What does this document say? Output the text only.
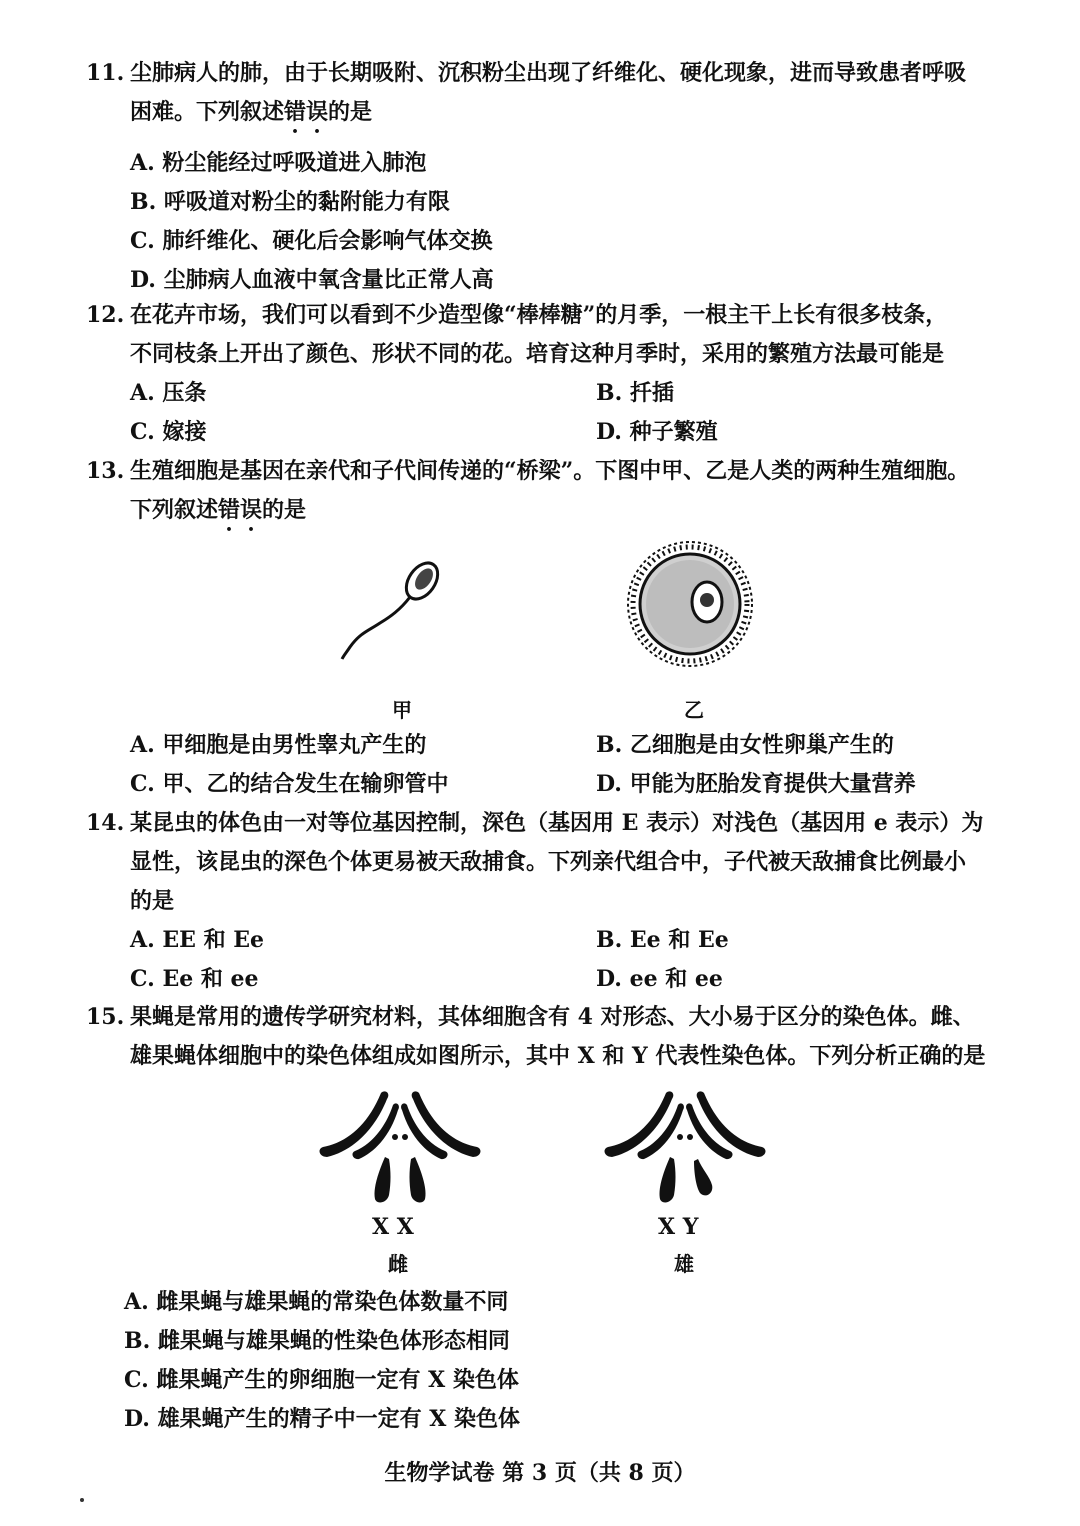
11. 尘肺病人的肺，由于长期吸附、沉积粉尘出现了纤维化、硬化现象，进而导致患者呼吸
困难。下列叙述错误的是
A. 粉尘能经过呼吸道进入肺泡
B. 呼吸道对粉尘的黏附能力有限
C. 肺纤维化、硬化后会影响气体交换
D. 尘肺病人血液中氧含量比正常人高
12. 在花卉市场，我们可以看到不少造型像“棒棒糖”的月季，一根主干上长有很多枝条，
不同枝条上开出了颜色、形状不同的花。培育这种月季时，采用的繁殖方法最可能是
A. 压条	B. 扦插
C. 嫁接	D. 种子繁殖
13. 生殖细胞是基因在亲代和子代间传递的“桥梁”。下图中甲、乙是人类的两种生殖细胞。
下列叙述错误的是
甲	乙
A. 甲细胞是由男性睾丸产生的	B. 乙细胞是由女性卵巢产生的
C. 甲、乙的结合发生在输卵管中	D. 甲能为胚胎发育提供大量营养
14. 某昆虫的体色由一对等位基因控制，深色（基因用 E 表示）对浅色（基因用 e 表示）为
显性，该昆虫的深色个体更易被天敌捕食。下列亲代组合中，子代被天敌捕食比例最小
的是
A. EE 和 Ee	B. Ee 和 Ee
C. Ee 和 ee	D. ee 和 ee
15. 果蝇是常用的遗传学研究材料，其体细胞含有 4 对形态、大小易于区分的染色体。雌、
雄果蝇体细胞中的染色体组成如图所示，其中 X 和 Y 代表性染色体。下列分析正确的是
X X
雌
X Y
雄
A. 雌果蝇与雄果蝇的常染色体数量不同
B. 雌果蝇与雄果蝇的性染色体形态相同
C. 雌果蝇产生的卵细胞一定有 X 染色体
D. 雄果蝇产生的精子中一定有 X 染色体
生物学试卷 第 3 页（共 8 页）
